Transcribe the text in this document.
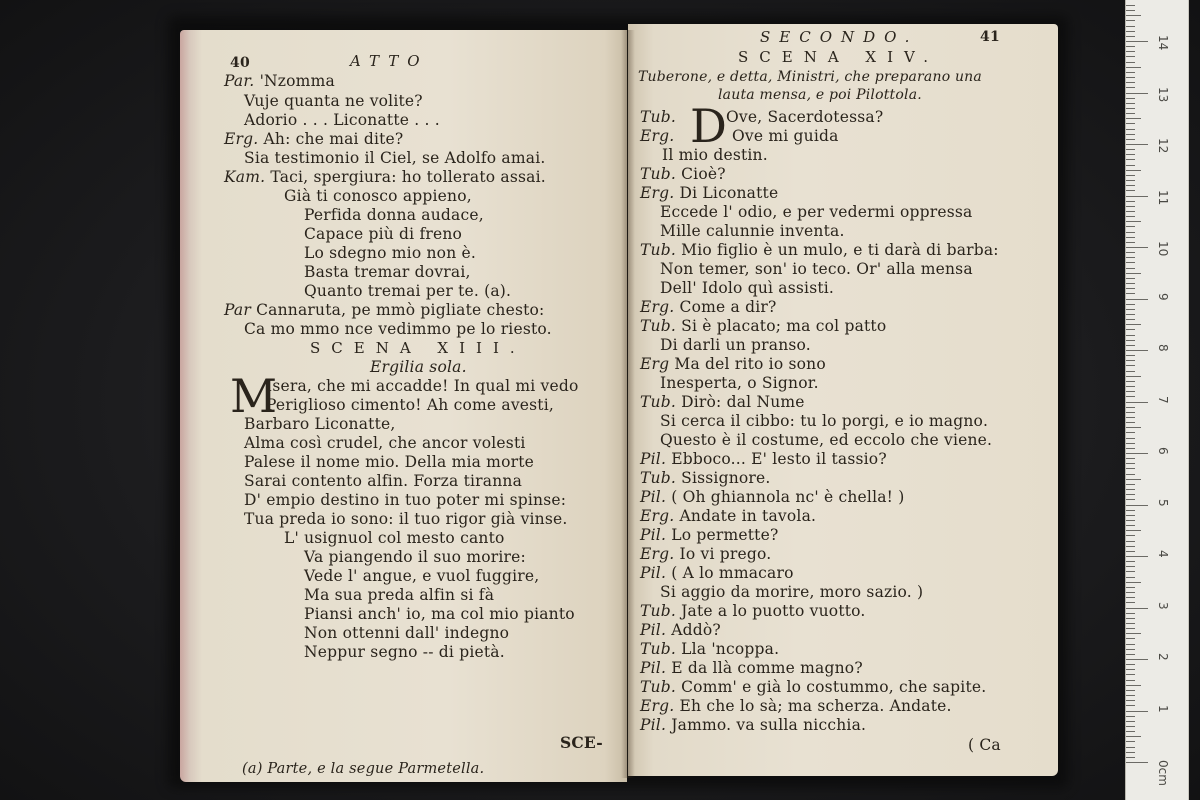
40	ATTO
Par. 'Nzomma
Vuje quanta ne volite?
Adoriо . . . Liconatte . . .
Erg. Ah: che mai dite?
Sia testimonio il Ciel, se Adolfo amai.
Kam. Taci, spergiura: ho tollerato assai.
Già ti conosco appieno,
Perfida donna audace,
Capace più di freno
Lo sdegno mio non è.
Basta tremar dovrai,
Quanto tremai per te. (a).
Par Cannaruta, pe mmò pigliate chesto:
Ca mo mmo nce vedimmo pe lo riesto.
SCENA XIII.
Ergilia sola.
M
Isera, che mi accadde! In qual mi vedo
Periglioso cimento! Ah come avesti,
Barbaro Liconatte,
Alma così crudel, che ancor volesti
Palese il nome mio. Della mia morte
Sarai contento alfin. Forza tiranna
D' empio destino in tuo poter mi spinse:
Tua preda io sono: il tuo rigor già vinse.
L' usignuol col mesto canto
Va piangendo il suo morire:
Vede l' angue, e vuol fuggire,
Ma sua preda alfin si fà
Piansi anch' io, ma col mio pianto
Non ottenni dall' indegno
Neppur segno -- di pietà.
SCE-
(a) Parte, e la segue Parmetella.
SECONDO.	41
SCENA XIV.
Tuberone, e detta, Ministri, che preparano una
lauta mensa, e poi Pilottola.
Tub. D Ove, Sacerdotessa?
Erg.	Ove mi guida
Il mio destin.
Tub. Cioè?
Erg. Di Liconatte
Eccede l' odio, e per vedermi oppressa
Mille calunnie inventa.
Tub. Mio figlio è un mulo, e ti darà di barba:
Non temer, son' io teco. Or' alla mensa
Dell' Idolo quì assisti.
Erg. Come a dir?
Tub. Si è placato; ma col patto
Di darli un pranso.
Erg Ma del rito io sono
Inesperta, o Signor.
Tub. Dirò: dal Nume
Si cerca il cibbo: tu lo porgi, e io magnо.
Questo è il costume, ed eccolo che viene.
Pil. Ebbоco... E' lesto il tassio?
Tub. Sissignore.
Pil. ( Oh ghiannola nc' è chella! )
Erg. Andate in tavola.
Pil. Lo permette?
Erg. Io vi prego.
Pil. ( A lo mmacaro
Si aggio da morire, moro sazio. )
Tub. Jate a lo puotto vuotto.
Pil. Addò?
Tub. Lla 'ncoppa.
Pil. E da llà comme magno?
Tub. Comm' e già lo costummo, che sapite.
Erg. Eh che lo sà; ma scherza. Andate.
Pil. Jammo. va sulla nicchia.
( Ca
1
2
3
4
5
6
7
8
9
10
11
12
13
14
0cm
